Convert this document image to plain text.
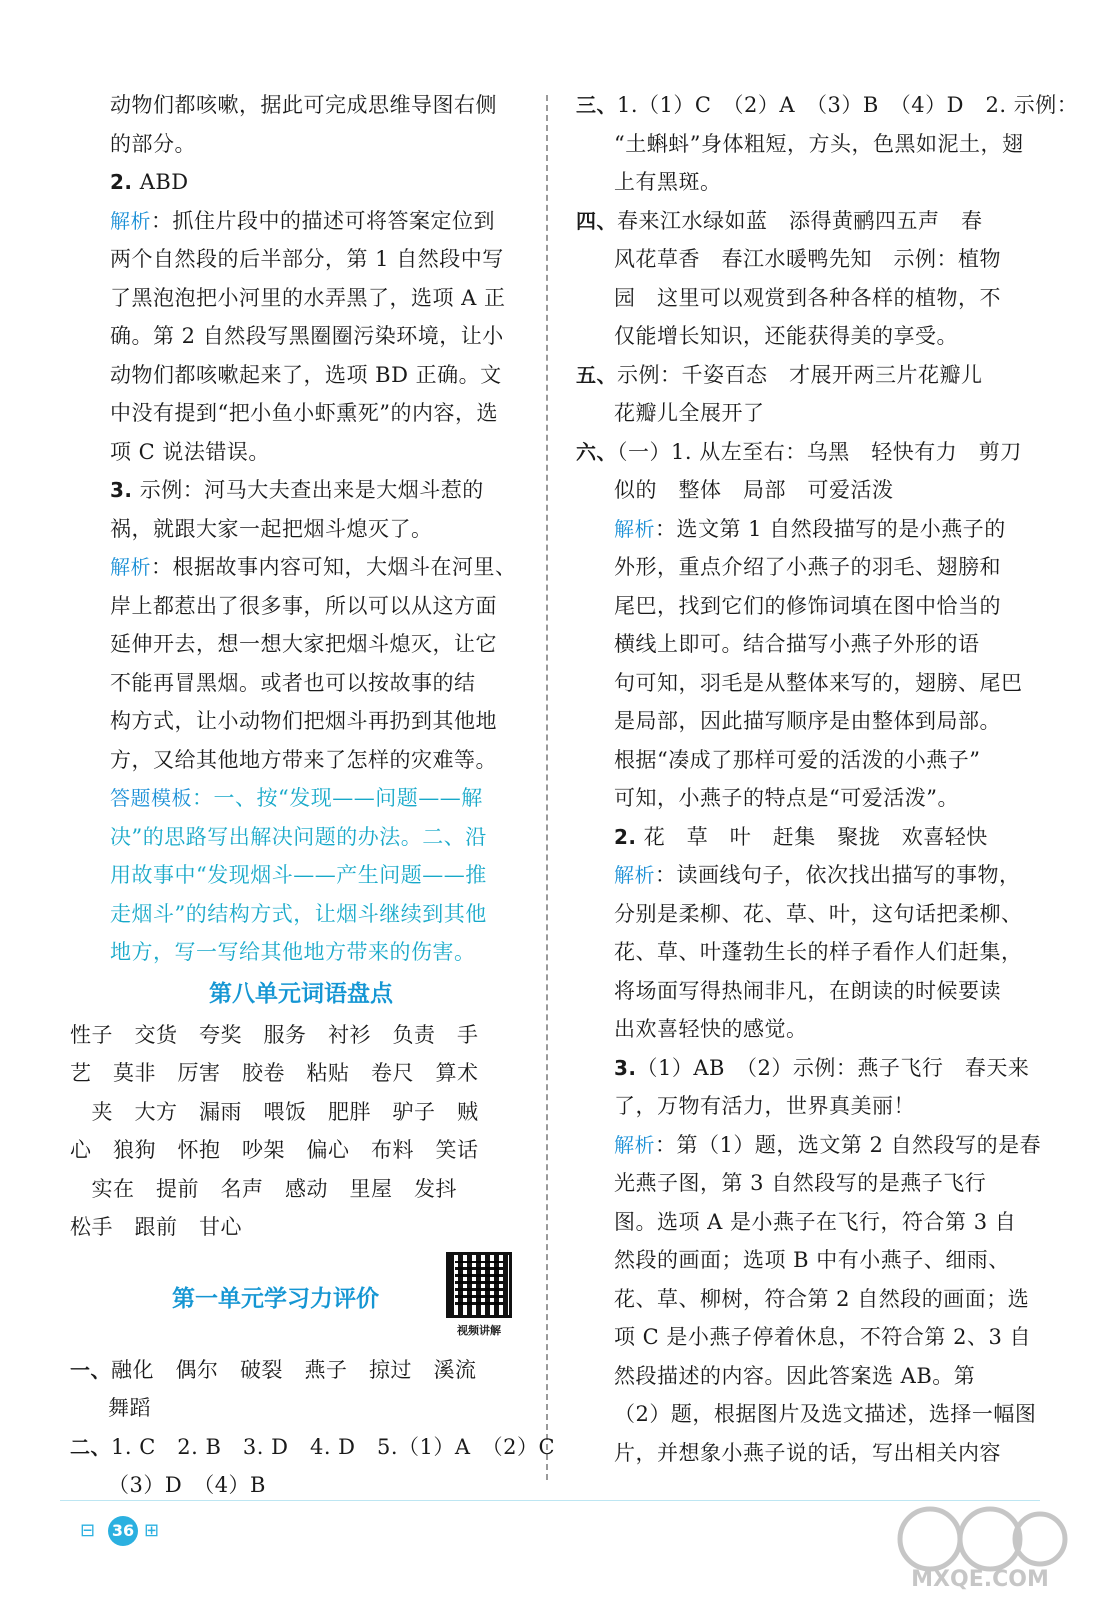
动物们都咳嗽，据此可完成思维导图右侧
的部分。
2. ABD
解析：抓住片段中的描述可将答案定位到
两个自然段的后半部分，第 1 自然段中写
了黑泡泡把小河里的水弄黑了，选项 A 正
确。第 2 自然段写黑圈圈污染环境，让小
动物们都咳嗽起来了，选项 BD 正确。文
中没有提到“把小鱼小虾熏死”的内容，选
项 C 说法错误。
3. 示例：河马大夫查出来是大烟斗惹的
祸，就跟大家一起把烟斗熄灭了。
解析：根据故事内容可知，大烟斗在河里、
岸上都惹出了很多事，所以可以从这方面
延伸开去，想一想大家把烟斗熄灭，让它
不能再冒黑烟。或者也可以按故事的结
构方式，让小动物们把烟斗再扔到其他地
方，又给其他地方带来了怎样的灾难等。
答题模板：一、按“发现——问题——解
决”的思路写出解决问题的办法。二、沿
用故事中“发现烟斗——产生问题——推
走烟斗”的结构方式，让烟斗继续到其他
地方，写一写给其他地方带来的伤害。
第八单元词语盘点
性子　交货　夸奖　服务　衬衫　负责　手
艺　莫非　厉害　胶卷　粘贴　卷尺　算术
　夹　大方　漏雨　喂饭　肥胖　驴子　贼
心　狼狗　怀抱　吵架　偏心　布料　笑话
　实在　提前　名声　感动　里屋　发抖
松手　跟前　甘心
第一单元学习力评价
一、融化　偶尔　破裂　燕子　掠过　溪流
舞蹈
二、1. C　2. B　3. D　4. D　5.（1）A　（2）C
（3）D　（4）B
三、1.（1）C　（2）A　（3）B　（4）D　2. 示例：
“土蝌蚪”身体粗短，方头，色黑如泥土，翅
上有黑斑。
四、春来江水绿如蓝　添得黄鹂四五声　春
风花草香　春江水暖鸭先知　示例：植物
园　这里可以观赏到各种各样的植物，不
仅能增长知识，还能获得美的享受。
五、示例：千姿百态　才展开两三片花瓣儿
花瓣儿全展开了
六、（一）1. 从左至右：乌黑　轻快有力　剪刀
似的　整体　局部　可爱活泼
解析：选文第 1 自然段描写的是小燕子的
外形，重点介绍了小燕子的羽毛、翅膀和
尾巴，找到它们的修饰词填在图中恰当的
横线上即可。结合描写小燕子外形的语
句可知，羽毛是从整体来写的，翅膀、尾巴
是局部，因此描写顺序是由整体到局部。
根据“凑成了那样可爱的活泼的小燕子”
可知，小燕子的特点是“可爱活泼”。
2. 花　草　叶　赶集　聚拢　欢喜轻快
解析：读画线句子，依次找出描写的事物，
分别是柔柳、花、草、叶，这句话把柔柳、
花、草、叶蓬勃生长的样子看作人们赶集，
将场面写得热闹非凡，在朗读的时候要读
出欢喜轻快的感觉。
3.（1）AB　（2）示例：燕子飞行　春天来
了，万物有活力，世界真美丽！
解析：第（1）题，选文第 2 自然段写的是春
光燕子图，第 3 自然段写的是燕子飞行
图。选项 A 是小燕子在飞行，符合第 3 自
然段的画面；选项 B 中有小燕子、细雨、
花、草、柳树，符合第 2 自然段的画面；选
项 C 是小燕子停着休息，不符合第 2、3 自
然段描述的内容。因此答案选 AB。第
（2）题，根据图片及选文描述，选择一幅图
片，并想象小燕子说的话，写出相关内容
视频讲解
⊟ 36 ⊞
MXQE.COM
